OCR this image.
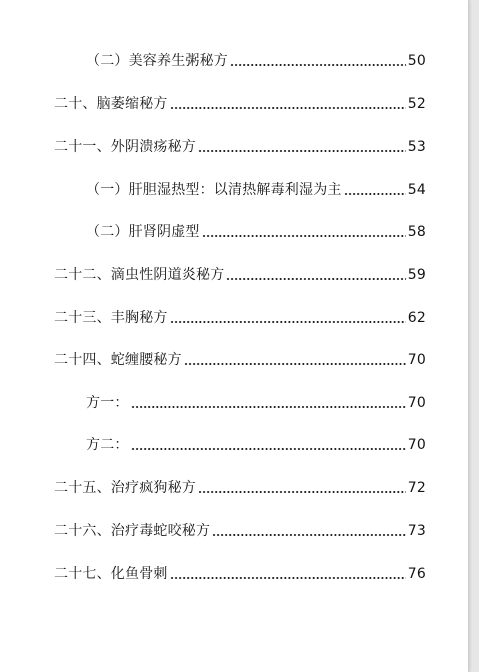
（二）美容养生粥秘方	50
二十、脑萎缩秘方	52
二十一、外阴溃疡秘方	53
（一）肝胆湿热型：以清热解毒利湿为主	54
（二）肝肾阴虚型	58
二十二、滴虫性阴道炎秘方	59
二十三、丰胸秘方	62
二十四、蛇缠腰秘方	70
方一：	70
方二：	70
二十五、治疗疯狗秘方	72
二十六、治疗毒蛇咬秘方	73
二十七、化鱼骨刺	76
